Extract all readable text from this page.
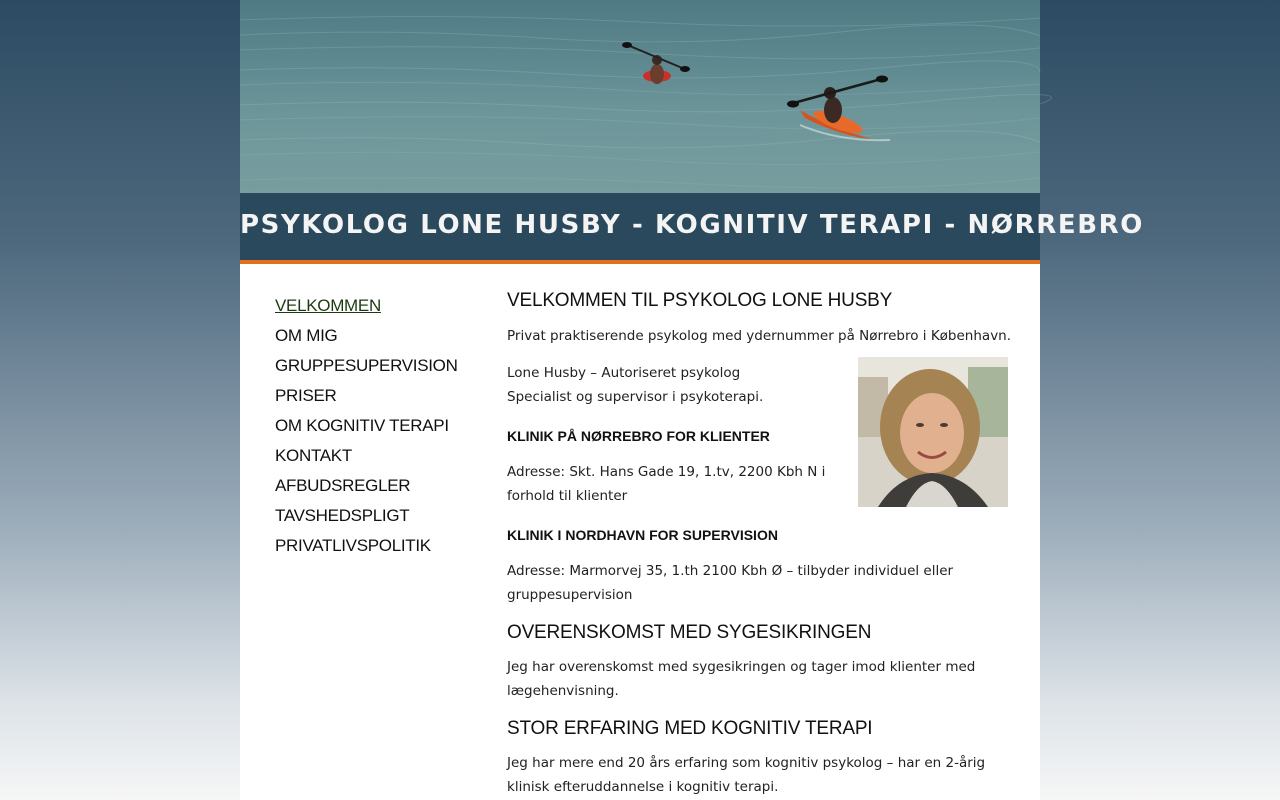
PSYKOLOG LONE HUSBY - KOGNITIV TERAPI - NØRREBRO
VELKOMMEN
OM MIG
GRUPPESUPERVISION
PRISER
OM KOGNITIV TERAPI
KONTAKT
AFBUDSREGLER
TAVSHEDSPLIGT
PRIVATLIVSPOLITIK
VELKOMMEN TIL PSYKOLOG LONE HUSBY

Privat praktiserende psykolog med ydernummer på Nørrebro i København.

Lone Husby – Autoriseret psykolog

Specialist og supervisor i psykoterapi.

KLINIK PÅ NØRREBRO FOR KLIENTER

Adresse: Skt. Hans Gade 19, 1.tv, 2200 Kbh N i forhold til klienter

KLINIK I NORDHAVN FOR SUPERVISION

Adresse: Marmorvej 35, 1.th 2100 Kbh Ø – tilbyder individuel eller gruppesupervision

OVERENSKOMST MED SYGESIKRINGEN

Jeg har overenskomst med sygesikringen og tager imod klienter med lægehenvisning.

STOR ERFARING MED KOGNITIV TERAPI

Jeg har mere end 20 års erfaring som kognitiv psykolog – har en 2-årig klinisk efteruddannelse i kognitiv terapi.
